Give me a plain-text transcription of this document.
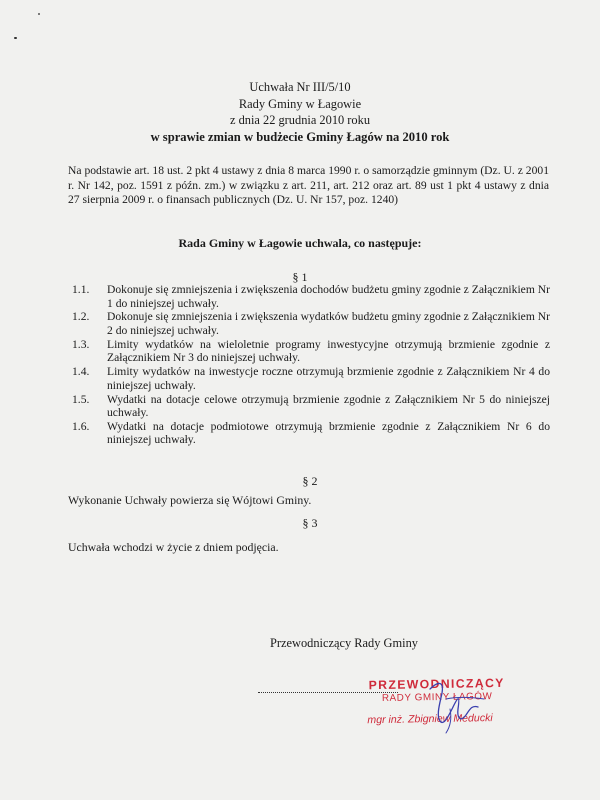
Uchwała Nr III/5/10
Rady Gminy w Łagowie
z dnia 22 grudnia 2010 roku
w sprawie zmian w budżecie Gminy Łagów na 2010 rok
Na podstawie art. 18 ust. 2 pkt 4 ustawy z dnia 8 marca 1990 r. o samorządzie gminnym (Dz. U. z 2001 r. Nr 142, poz. 1591 z późn. zm.) w związku z art. 211, art. 212 oraz art. 89 ust 1 pkt 4 ustawy z dnia 27 sierpnia 2009 r. o finansach publicznych (Dz. U. Nr 157, poz. 1240)
Rada Gminy w Łagowie uchwala, co następuje:
§ 1
1.1.	Dokonuje się zmniejszenia i zwiększenia dochodów budżetu gminy zgodnie z Załącznikiem Nr 1 do niniejszej uchwały.
1.2.	Dokonuje się zmniejszenia i zwiększenia wydatków budżetu gminy zgodnie z Załącznikiem Nr 2 do niniejszej uchwały.
1.3.	Limity wydatków na wieloletnie programy inwestycyjne otrzymują brzmienie zgodnie z Załącznikiem Nr 3 do niniejszej uchwały.
1.4.	Limity wydatków na inwestycje roczne otrzymują brzmienie zgodnie z Załącznikiem Nr 4 do niniejszej uchwały.
1.5.	Wydatki na dotacje celowe otrzymują brzmienie zgodnie z Załącznikiem Nr 5 do niniejszej uchwały.
1.6.	Wydatki na dotacje podmiotowe otrzymują brzmienie zgodnie z Załącznikiem Nr 6 do niniejszej uchwały.
§ 2
Wykonanie Uchwały powierza się Wójtowi Gminy.
§ 3
Uchwała wchodzi w życie z dniem podjęcia.
Przewodniczący Rady Gminy
PRZEWODNICZĄCY
RADY GMINY ŁAGÓW
mgr inż. Zbigniew Meducki
